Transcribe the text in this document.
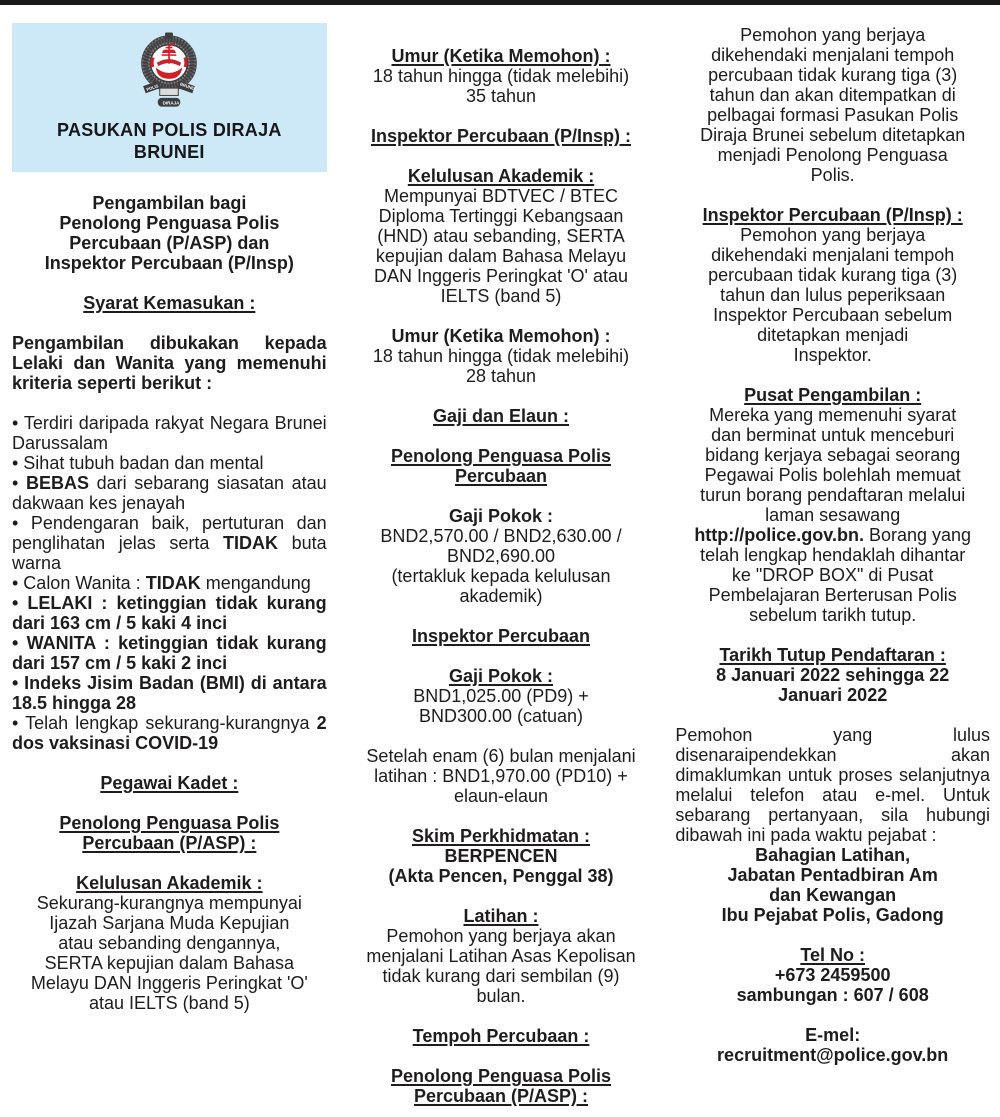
POLIS	BRUNEI
DIRAJA
PASUKAN POLIS DIRAJA
BRUNEI

Pengambilan bagi
Penolong Penguasa Polis
Percubaan (P/ASP) dan
Inspektor Percubaan (P/Insp)

Syarat Kemasukan :

Pengambilan dibukakan kepada Lelaki dan Wanita yang memenuhi kriteria seperti berikut :

• Terdiri daripada rakyat Negara Brunei Darussalam

• Sihat tubuh badan dan mental

• BEBAS dari sebarang siasatan atau dakwaan kes jenayah

• Pendengaran baik, pertuturan dan penglihatan jelas serta TIDAK buta warna

• Calon Wanita : TIDAK mengandung

• LELAKI : ketinggian tidak kurang dari 163 cm / 5 kaki 4 inci

• WANITA : ketinggian tidak kurang dari 157 cm / 5 kaki 2 inci

• Indeks Jisim Badan (BMI) di antara 18.5 hingga 28

• Telah lengkap sekurang-kurangnya 2 dos vaksinasi COVID-19

Pegawai Kadet :

Penolong Penguasa Polis
Percubaan (P/ASP) :

Kelulusan Akademik :

Sekurang-kurangnya mempunyai
Ijazah Sarjana Muda Kepujian
atau sebanding dengannya,
SERTA kepujian dalam Bahasa
Melayu DAN Inggeris Peringkat 'O'
atau IELTS (band 5)

Umur (Ketika Memohon) :

18 tahun hingga (tidak melebihi)
35 tahun

Inspektor Percubaan (P/Insp) :

Kelulusan Akademik :

Mempunyai BDTVEC / BTEC
Diploma Tertinggi Kebangsaan
(HND) atau sebanding, SERTA
kepujian dalam Bahasa Melayu
DAN Inggeris Peringkat 'O' atau
IELTS (band 5)

Umur (Ketika Memohon) :

18 tahun hingga (tidak melebihi)
28 tahun

Gaji dan Elaun :

Penolong Penguasa Polis
Percubaan

Gaji Pokok :

BND2,570.00 / BND2,630.00 /
BND2,690.00
(tertakluk kepada kelulusan
akademik)

Inspektor Percubaan

Gaji Pokok :

BND1,025.00 (PD9) +
BND300.00 (catuan)

Setelah enam (6) bulan menjalani
latihan : BND1,970.00 (PD10) +
elaun-elaun

Skim Perkhidmatan :

BERPENCEN

(Akta Pencen, Penggal 38)

Latihan :

Pemohon yang berjaya akan
menjalani Latihan Asas Kepolisan
tidak kurang dari sembilan (9)
bulan.

Tempoh Percubaan :

Penolong Penguasa Polis
Percubaan (P/ASP) :

Pemohon yang berjaya
dikehendaki menjalani tempoh
percubaan tidak kurang tiga (3)
tahun dan akan ditempatkan di
pelbagai formasi Pasukan Polis
Diraja Brunei sebelum ditetapkan
menjadi Penolong Penguasa
Polis.

Inspektor Percubaan (P/Insp) :

Pemohon yang berjaya
dikehendaki menjalani tempoh
percubaan tidak kurang tiga (3)
tahun dan lulus peperiksaan
Inspektor Percubaan sebelum
ditetapkan menjadi
Inspektor.

Pusat Pengambilan :

Mereka yang memenuhi syarat
dan berminat untuk menceburi
bidang kerjaya sebagai seorang
Pegawai Polis bolehlah memuat
turun borang pendaftaran melalui
laman sesawang
http://police.gov.bn. Borang yang
telah lengkap hendaklah dihantar
ke "DROP BOX" di Pusat
Pembelajaran Berterusan Polis
sebelum tarikh tutup.

Tarikh Tutup Pendaftaran :

8 Januari 2022 sehingga 22
Januari 2022

Pemohon yang lulus disenaraipendekkan akan dimaklumkan untuk proses selanjutnya melalui telefon atau e-mel. Untuk sebarang pertanyaan, sila hubungi dibawah ini pada waktu pejabat :

Bahagian Latihan,
Jabatan Pentadbiran Am
dan Kewangan
Ibu Pejabat Polis, Gadong

Tel No :

+673 2459500
sambungan : 607 / 608

E-mel:

recruitment@police.gov.bn
